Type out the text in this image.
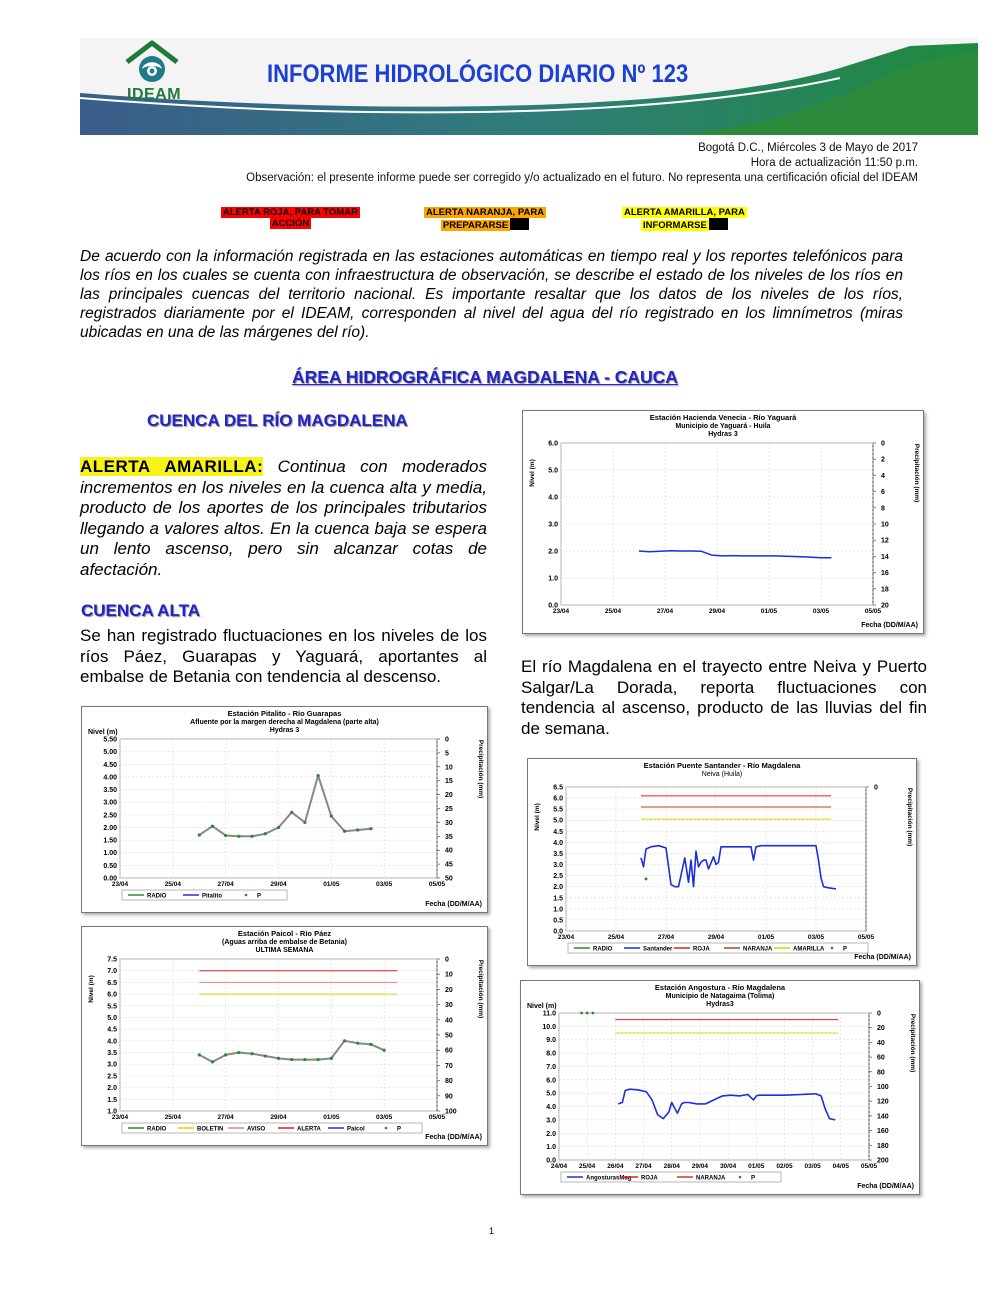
IDEAM
INFORME HIDROLÓGICO DIARIO Nº 123
Bogotá D.C., Miércoles 3 de Mayo de 2017
Hora de actualización 11:50 p.m.
Observación: el presente informe puede ser corregido y/o actualizado en el futuro. No representa una certificación oficial del IDEAM
ALERTA ROJA, PARA TOMAR
ACCIÓN
ALERTA NARANJA, PARA
PREPARARSE
ALERTA AMARILLA, PARA
INFORMARSE
De acuerdo con la información registrada en las estaciones automáticas en tiempo real y los reportes telefónicos para los ríos en los cuales se cuenta con infraestructura de observación, se describe el estado de los niveles de los ríos en las principales cuencas del territorio nacional. Es importante resaltar que los datos de los niveles de los ríos, registrados diariamente por el IDEAM, corresponden al nivel del agua del río registrado en los limnímetros (miras ubicadas en una de las márgenes del río).
ÁREA HIDROGRÁFICA MAGDALENA - CAUCA
CUENCA DEL RÍO MAGDALENA
CUENCA ALTA
ALERTA AMARILLA: Continua con moderados incrementos en los niveles en la cuenca alta y media, producto de los aportes de los principales tributarios llegando a valores altos. En la cuenca baja se espera un lento ascenso, pero sin alcanzar cotas de afectación.
Se han registrado fluctuaciones en los niveles de los ríos Páez, Guarapas y Yaguará, aportantes al embalse de Betania con tendencia al descenso.
El río Magdalena en el trayecto entre Neiva y Puerto Salgar/La Dorada, reporta fluctuaciones con tendencia al ascenso, producto de las lluvias del fin de semana.
Estación Hacienda Venecia - Río Yaguará
Municipio de Yaguará - Huila
Hydras 3
Nivel (m)	Precipitación (mm)
0.0
1.0
2.0
3.0
4.0
5.0
6.0	0
2
4
6
8
10
12
14
16
18
20
23/04	25/04	27/04	29/04	01/05	03/05	05/05
Fecha (DD/M/AA)
Estación Pitalito - Río Guarapas
Afluente por la margen derecha al Magdalena (parte alta)
Hydras 3
Nivel (m)
Precipitación (mm)
0.00
0.50
1.00
1.50
2.00
2.50
3.00
3.50
4.00
4.50
5.00
5.50	0
5
10
15
20
25
30
35
40
45
50
23/04	25/04	27/04	29/04	01/05	03/05	05/05
Fecha (DD/M/AA)
RADIO	Pitalito	P
Estación Paicol - Río Páez
(Aguas arriba de embalse de Betania)
ULTIMA SEMANA
Nivel (m)	Precipitación (mm)
1.0
1.5
2.0
2.5
3.0
3.5
4.0
4.5
5.0
5.5
6.0
6.5
7.0
7.5	0
10
20
30
40
50
60
70
80
90
100
23/04	25/04	27/04	29/04	01/05	03/05	05/05
Fecha (DD/M/AA)
RADIO	BOLETIN	AVISO	ALERTA	Paicol	P
Estación Puente Santander - Río Magdalena
Neiva (Huila)
Nivel (m)	Precipitación (mm)
0.0
0.5
1.0
1.5
2.0
2.5
3.0
3.5
4.0
4.5
5.0
5.5
6.0
6.5	0
23/04	25/04	27/04	29/04	01/05	03/05	05/05
Fecha (DD/M/AA)
RADIO	Santander	ROJA	NARANJA	AMARILLA	P
Estación Angostura - Río Magdalena
Municipio de Natagaima (Tolima)
Hydras3
Nivel (m)
Precipitación (mm)
0.0
1.0
2.0
3.0
4.0
5.0
6.0
7.0
8.0
9.0
10.0
11.0	0
20
40
60
80
100
120
140
160
180
200
24/04 25/04 26/04 27/04 28/04 29/04 30/04 01/05 02/05 03/05 04/05 05/05
Fecha (DD/M/AA)
AngosturasMag ROJA	NARANJA	P
1
